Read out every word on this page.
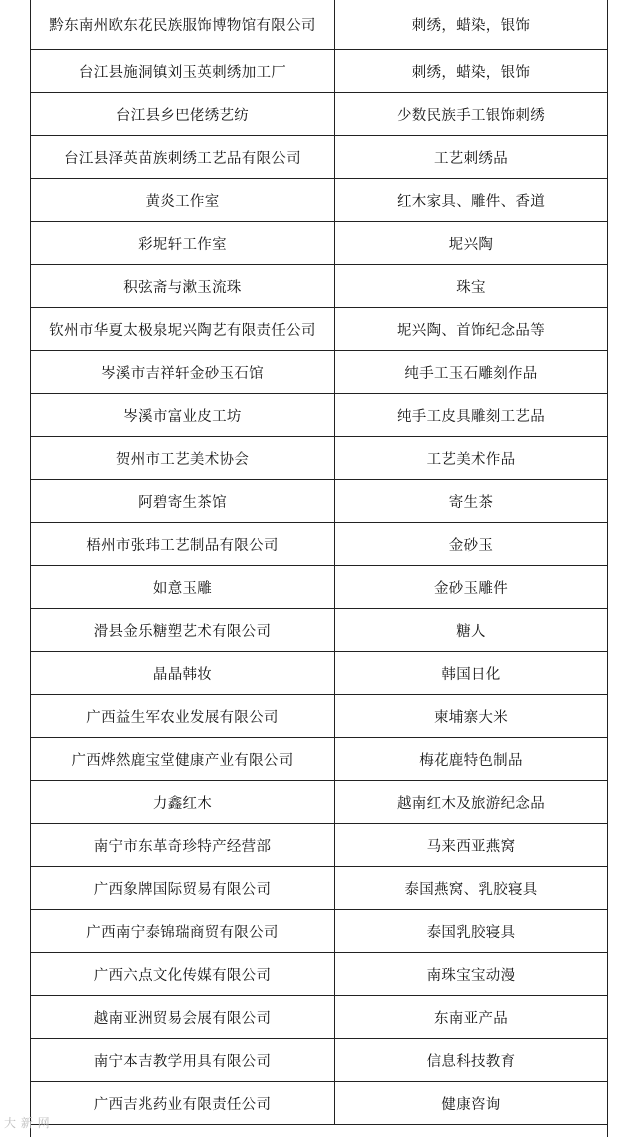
黔东南州欧东花民族服饰博物馆有限公司	刺绣，蜡染，银饰
台江县施洞镇刘玉英刺绣加工厂	刺绣，蜡染，银饰
台江县乡巴佬绣艺纺	少数民族手工银饰刺绣
台江县泽英苗族刺绣工艺品有限公司	工艺刺绣品
黄炎工作室	红木家具、雕件、香道
彩坭轩工作室	坭兴陶
积弦斋与漱玉流珠	珠宝
钦州市华夏太极泉坭兴陶艺有限责任公司	坭兴陶、首饰纪念品等
岑溪市吉祥轩金砂玉石馆	纯手工玉石雕刻作品
岑溪市富业皮工坊	纯手工皮具雕刻工艺品
贺州市工艺美术协会	工艺美术作品
阿碧寄生茶馆	寄生茶
梧州市张玮工艺制品有限公司	金砂玉
如意玉雕	金砂玉雕件
滑县金乐糖塑艺术有限公司	糖人
晶晶韩妆	韩国日化
广西益生军农业发展有限公司	柬埔寨大米
广西烨然鹿宝堂健康产业有限公司	梅花鹿特色制品
力鑫红木	越南红木及旅游纪念品
南宁市东革奇珍特产经营部	马来西亚燕窝
广西象牌国际贸易有限公司	泰国燕窝、乳胶寝具
广西南宁泰锦瑞商贸有限公司	泰国乳胶寝具
广西六点文化传媒有限公司	南珠宝宝动漫
越南亚洲贸易会展有限公司	东南亚产品
南宁本吉教学用具有限公司	信息科技教育
广西吉兆药业有限责任公司	健康咨询
大 新 网
